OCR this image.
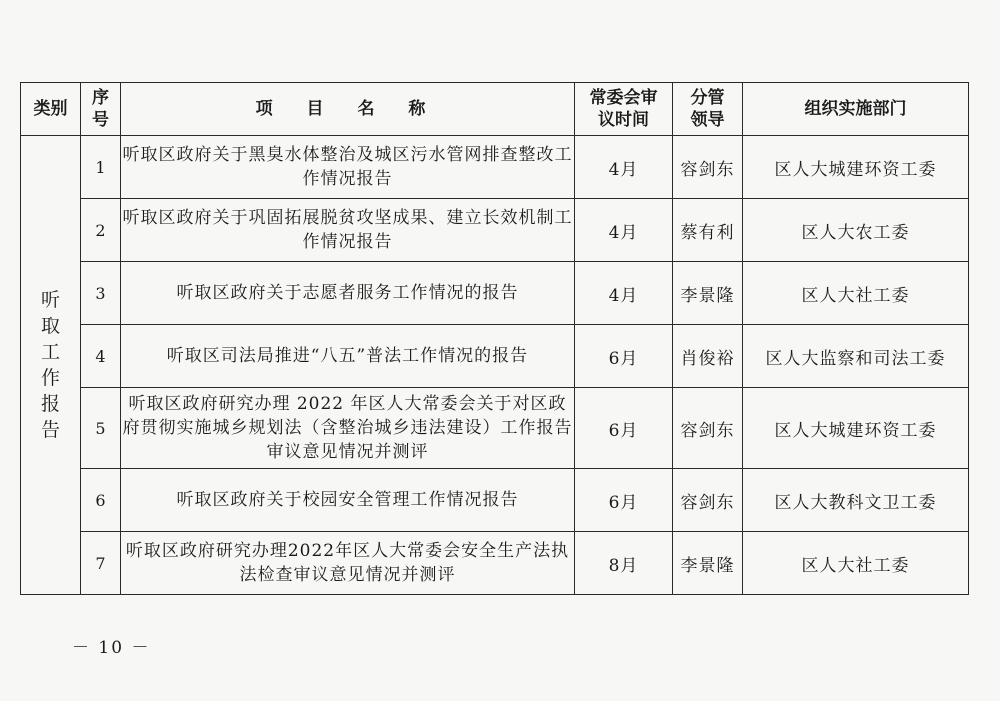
类别	序号	项 目 名 称	常委会审议时间	分管领导	组织实施部门
听取工作报告	1	听取区政府关于黑臭水体整治及城区污水管网排查整改工作情况报告	4月	容剑东	区人大城建环资工委
	2	听取区政府关于巩固拓展脱贫攻坚成果、建立长效机制工作情况报告	4月	蔡有利	区人大农工委
	3	听取区政府关于志愿者服务工作情况的报告	4月	李景隆	区人大社工委
	4	听取区司法局推进“八五”普法工作情况的报告	6月	肖俊裕	区人大监察和司法工委
	5	听取区政府研究办理 2022 年区人大常委会关于对区政府贯彻实施城乡规划法（含整治城乡违法建设）工作报告审议意见情况并测评	6月	容剑东	区人大城建环资工委
	6	听取区政府关于校园安全管理工作情况报告	6月	容剑东	区人大教科文卫工委
	7	听取区政府研究办理2022年区人大常委会安全生产法执法检查审议意见情况并测评	8月	李景隆	区人大社工委
－ 10 －
